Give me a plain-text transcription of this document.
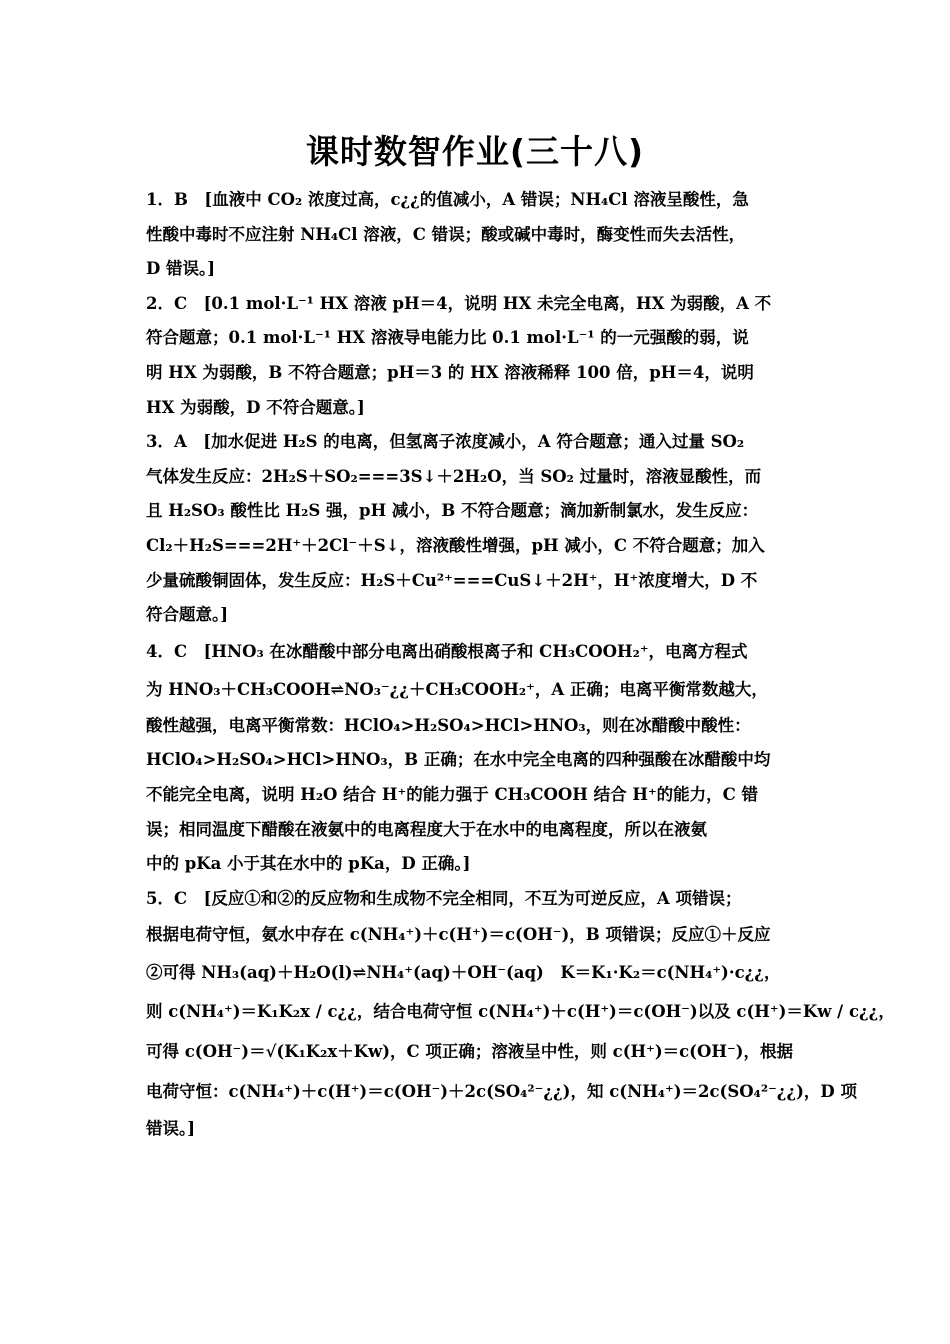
课时数智作业(三十八)
1．B　[血液中 CO₂ 浓度过高，c¿¿的值减小，A 错误；NH₄Cl 溶液呈酸性，急
性酸中毒时不应注射 NH₄Cl 溶液，C 错误；酸或碱中毒时，酶变性而失去活性，
D 错误。]
2．C　[0.1 mol·L⁻¹ HX 溶液 pH＝4，说明 HX 未完全电离，HX 为弱酸，A 不
符合题意；0.1 mol·L⁻¹ HX 溶液导电能力比 0.1 mol·L⁻¹ 的一元强酸的弱，说
明 HX 为弱酸，B 不符合题意；pH＝3 的 HX 溶液稀释 100 倍，pH＝4，说明
HX 为弱酸，D 不符合题意。]
3．A　[加水促进 H₂S 的电离，但氢离子浓度减小，A 符合题意；通入过量 SO₂
气体发生反应：2H₂S＋SO₂===3S↓＋2H₂O，当 SO₂ 过量时，溶液显酸性，而
且 H₂SO₃ 酸性比 H₂S 强，pH 减小，B 不符合题意；滴加新制氯水，发生反应：
Cl₂＋H₂S===2H⁺＋2Cl⁻＋S↓，溶液酸性增强，pH 减小，C 不符合题意；加入
少量硫酸铜固体，发生反应：H₂S＋Cu²⁺===CuS↓＋2H⁺，H⁺浓度增大，D 不
符合题意。]
4．C　[HNO₃ 在冰醋酸中部分电离出硝酸根离子和 CH₃COOH₂⁺，电离方程式
为 HNO₃＋CH₃COOH⇌NO₃⁻¿¿＋CH₃COOH₂⁺，A 正确；电离平衡常数越大，
酸性越强，电离平衡常数：HClO₄>H₂SO₄>HCl>HNO₃，则在冰醋酸中酸性：
HClO₄>H₂SO₄>HCl>HNO₃，B 正确；在水中完全电离的四种强酸在冰醋酸中均
不能完全电离，说明 H₂O 结合 H⁺的能力强于 CH₃COOH 结合 H⁺的能力，C 错
误；相同温度下醋酸在液氨中的电离程度大于在水中的电离程度，所以在液氨
中的 pKa 小于其在水中的 pKa，D 正确。]
5．C　[反应①和②的反应物和生成物不完全相同，不互为可逆反应，A 项错误；
根据电荷守恒，氨水中存在 c(NH₄⁺)＋c(H⁺)＝c(OH⁻)，B 项错误；反应①＋反应
②可得 NH₃(aq)＋H₂O(l)⇌NH₄⁺(aq)＋OH⁻(aq)　K＝K₁·K₂＝c(NH₄⁺)·c¿¿，
则 c(NH₄⁺)＝K₁K₂x / c¿¿，结合电荷守恒 c(NH₄⁺)＋c(H⁺)＝c(OH⁻)以及 c(H⁺)＝Kw / c¿¿，
可得 c(OH⁻)＝√(K₁K₂x＋Kw)，C 项正确；溶液呈中性，则 c(H⁺)＝c(OH⁻)，根据
电荷守恒：c(NH₄⁺)＋c(H⁺)＝c(OH⁻)＋2c(SO₄²⁻¿¿)，知 c(NH₄⁺)＝2c(SO₄²⁻¿¿)，D 项
错误。]
